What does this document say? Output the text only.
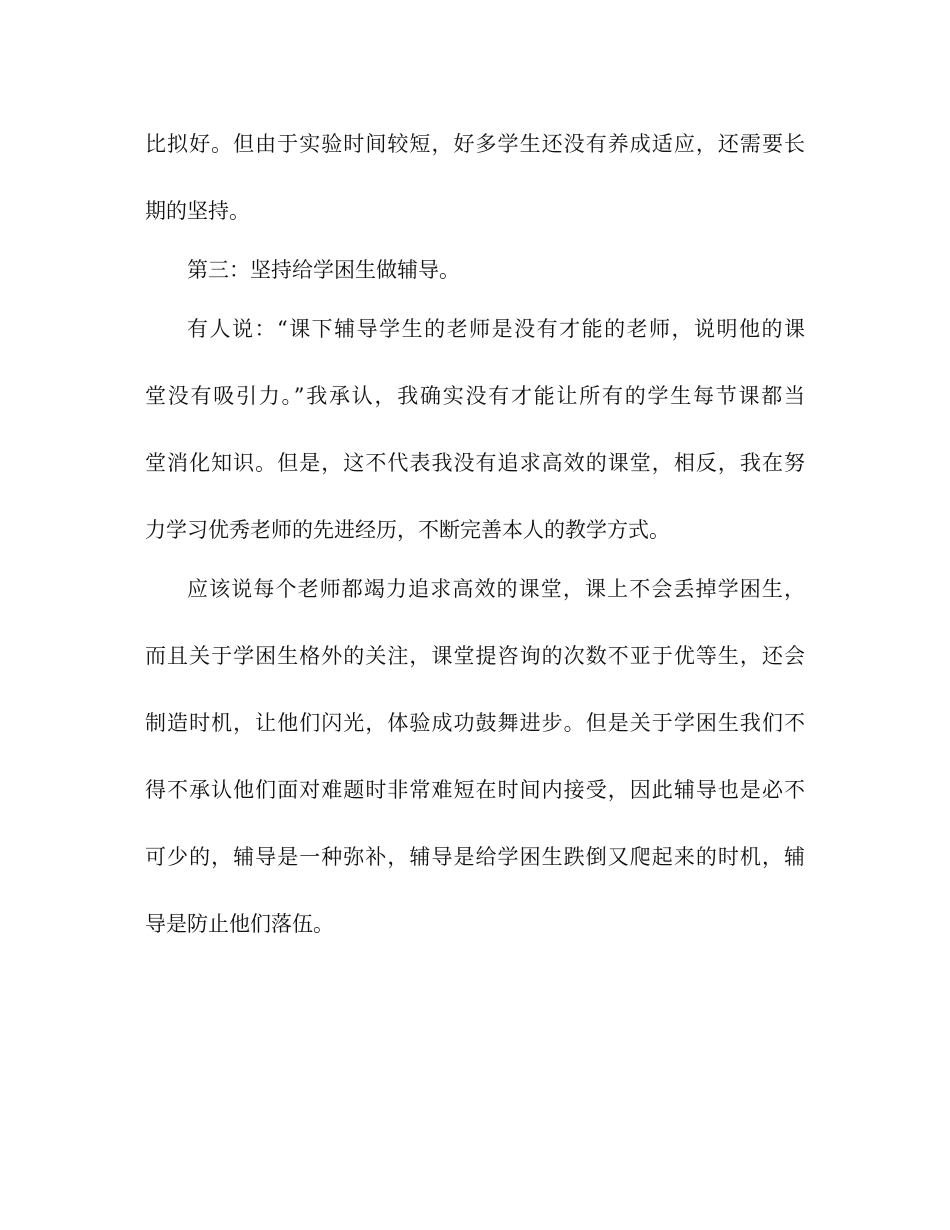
比拟好。但由于实验时间较短，好多学生还没有养成适应，还需要长
期的坚持。
第三：坚持给学困生做辅导。
有人说：“课下辅导学生的老师是没有才能的老师，说明他的课
堂没有吸引力。”我承认，我确实没有才能让所有的学生每节课都当
堂消化知识。但是，这不代表我没有追求高效的课堂，相反，我在努
力学习优秀老师的先进经历，不断完善本人的教学方式。
应该说每个老师都竭力追求高效的课堂，课上不会丢掉学困生，
而且关于学困生格外的关注，课堂提咨询的次数不亚于优等生，还会
制造时机，让他们闪光，体验成功鼓舞进步。但是关于学困生我们不
得不承认他们面对难题时非常难短在时间内接受，因此辅导也是必不
可少的，辅导是一种弥补，辅导是给学困生跌倒又爬起来的时机，辅
导是防止他们落伍。
